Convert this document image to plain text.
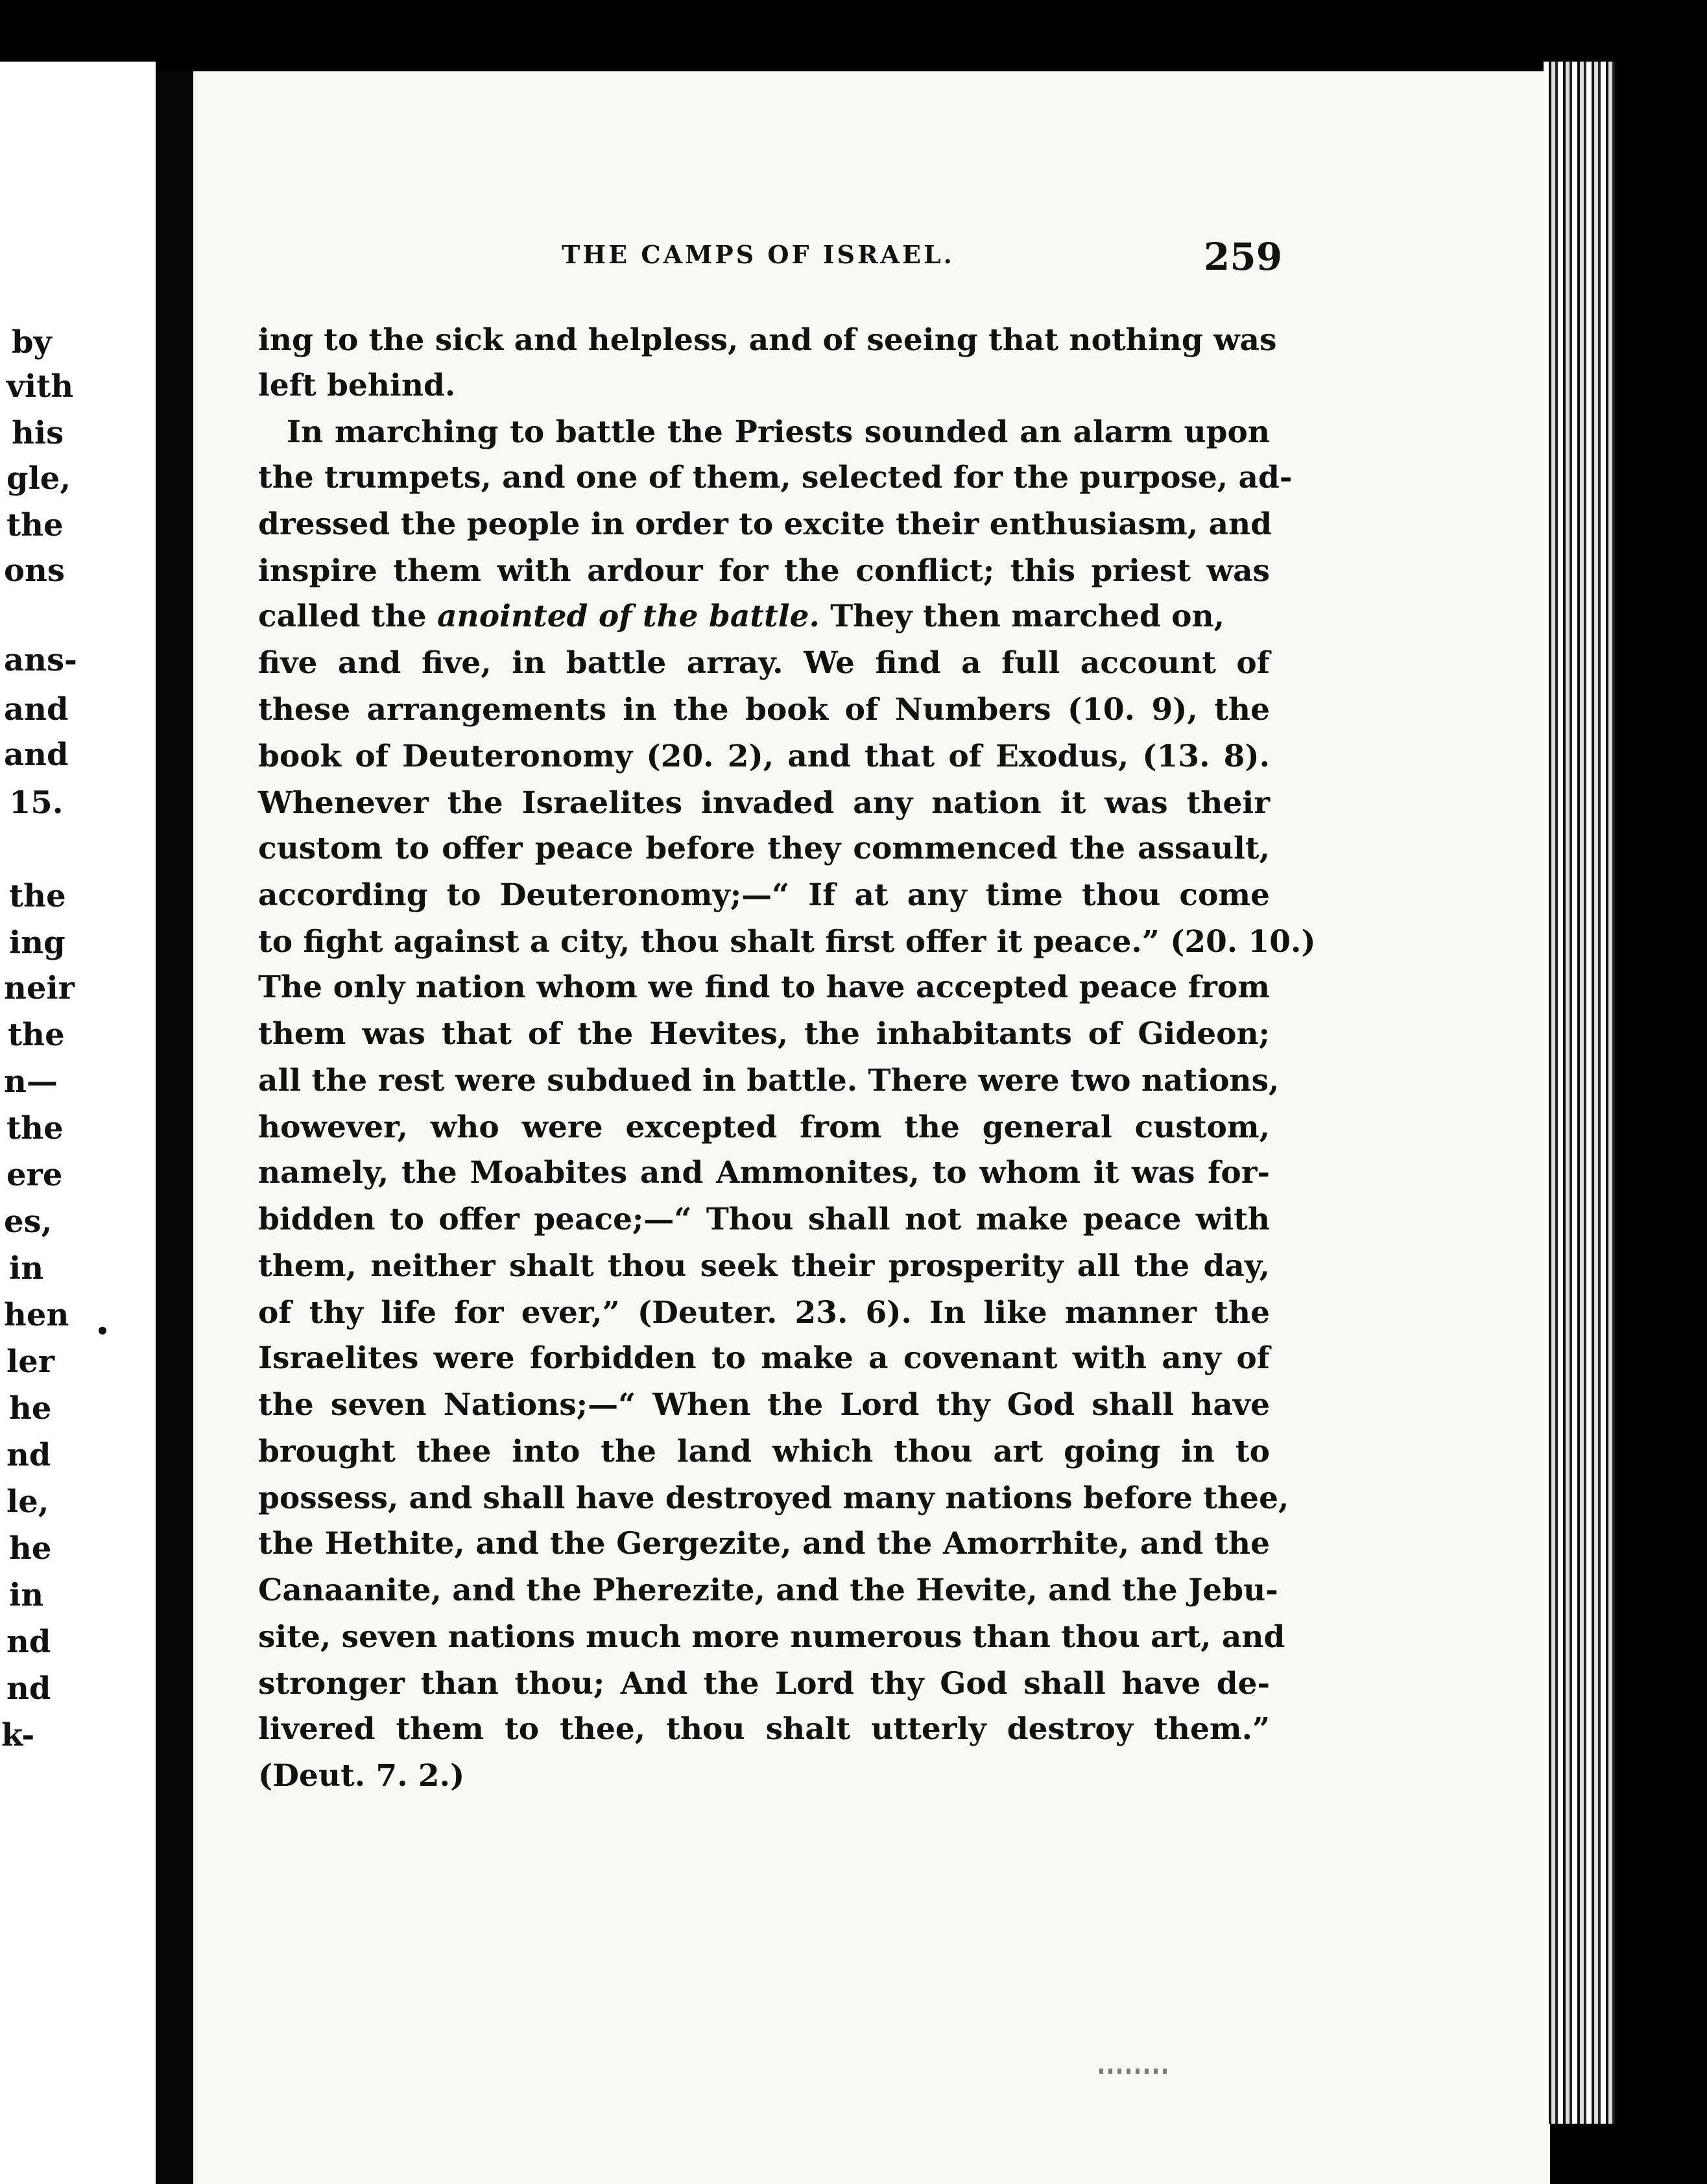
by
vith
his
gle,
the
ons
ans-
and
and
15.
the
ing
neir
the
n—
the
ere
es,
in
hen
ler
he
nd
le,
he
in
nd
nd
k-
THE CAMPS OF ISRAEL.	259
ing to the sick and helpless, and of seeing that nothing was
left behind.
In marching to battle the Priests sounded an alarm upon
the trumpets, and one of them, selected for the purpose, ad-
dressed the people in order to excite their enthusiasm, and
inspire them with ardour for the conflict; this priest was
called the anointed of the battle. They then marched on,
five and five, in battle array. We find a full account of
these arrangements in the book of Numbers (10. 9), the
book of Deuteronomy (20. 2), and that of Exodus, (13. 8).
Whenever the Israelites invaded any nation it was their
custom to offer peace before they commenced the assault,
according to Deuteronomy;—“ If at any time thou come
to fight against a city, thou shalt first offer it peace.” (20. 10.)
The only nation whom we find to have accepted peace from
them was that of the Hevites, the inhabitants of Gideon;
all the rest were subdued in battle. There were two nations,
however, who were excepted from the general custom,
namely, the Moabites and Ammonites, to whom it was for-
bidden to offer peace;—“ Thou shall not make peace with
them, neither shalt thou seek their prosperity all the day,
of thy life for ever,” (Deuter. 23. 6). In like manner the
Israelites were forbidden to make a covenant with any of
the seven Nations;—“ When the Lord thy God shall have
brought thee into the land which thou art going in to
possess, and shall have destroyed many nations before thee,
the Hethite, and the Gergezite, and the Amorrhite, and the
Canaanite, and the Pherezite, and the Hevite, and the Jebu-
site, seven nations much more numerous than thou art, and
stronger than thou; And the Lord thy God shall have de-
livered them to thee, thou shalt utterly destroy them.”
(Deut. 7. 2.)
